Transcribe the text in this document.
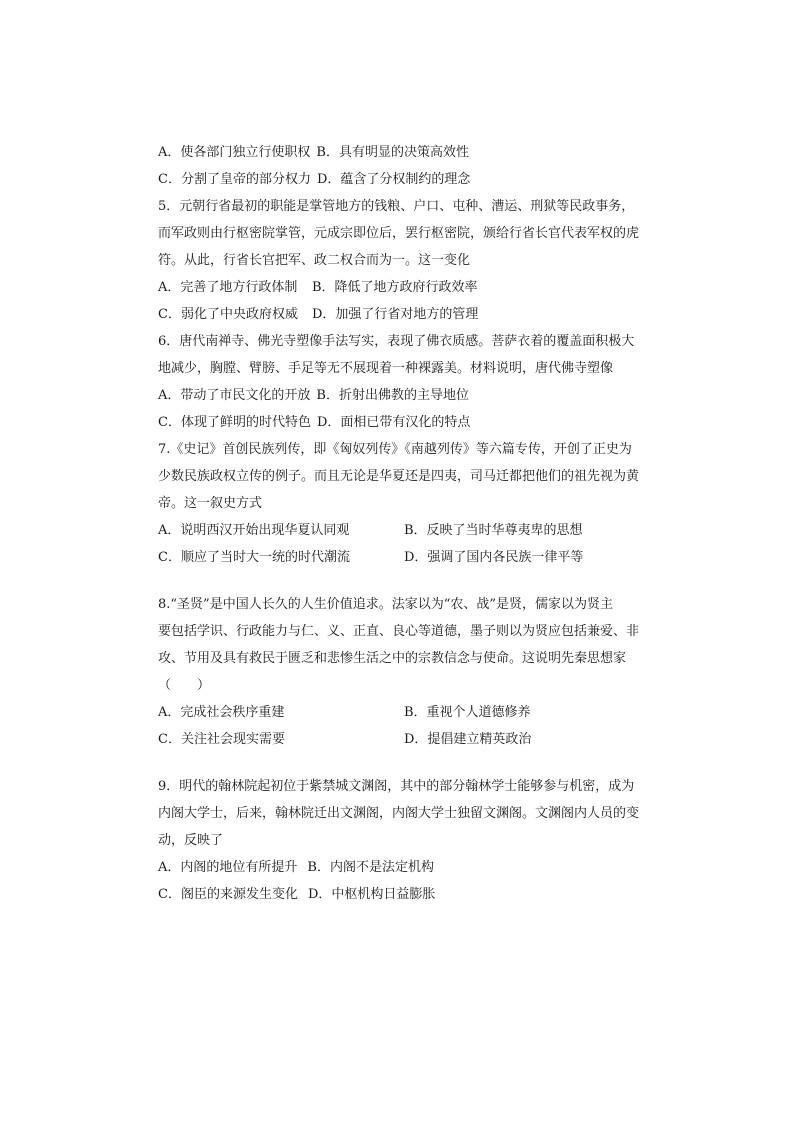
A．使各部门独立行使职权 B．具有明显的决策高效性
C．分割了皇帝的部分权力 D．蕴含了分权制约的理念
5．元朝行省最初的职能是掌管地方的钱粮、户口、屯种、漕运、刑狱等民政事务，
而军政则由行枢密院掌管，元成宗即位后，罢行枢密院，颁给行省长官代表军权的虎
符。从此，行省长官把军、政二权合而为一。这一变化
A．完善了地方行政体制	B．降低了地方政府行政效率
C．弱化了中央政府权威	D．加强了行省对地方的管理
6．唐代南禅寺、佛光寺塑像手法写实，表现了佛衣质感。菩萨衣着的覆盖面积极大
地减少，胸膛、臂膀、手足等无不展现着一种裸露美。材料说明，唐代佛寺塑像
A．带动了市民文化的开放 B．折射出佛教的主导地位
C．体现了鲜明的时代特色 D．面相已带有汉化的特点
7.《史记》首创民族列传，即《匈奴列传》《南越列传》等六篇专传，开创了正史为
少数民族政权立传的例子。而且无论是华夏还是四夷，司马迁都把他们的祖先视为黄
帝。这一叙史方式
A．说明西汉开始出现华夏认同观	B．反映了当时华尊夷卑的思想
C．顺应了当时大一统的时代潮流	D．强调了国内各民族一律平等
8.“圣贤”是中国人长久的人生价值追求。法家以为“农、战”是贤，儒家以为贤主
要包括学识、行政能力与仁、义、正直、良心等道德，墨子则以为贤应包括兼爱、非
攻、节用及具有救民于匮乏和悲惨生活之中的宗教信念与使命。这说明先秦思想家
（　　）
A．完成社会秩序重建	B．重视个人道德修养
C．关注社会现实需要	D．提倡建立精英政治
9．明代的翰林院起初位于紫禁城文渊阁，其中的部分翰林学士能够参与机密，成为
内阁大学士，后来，翰林院迁出文渊阁，内阁大学士独留文渊阁。文渊阁内人员的变
动，反映了
A．内阁的地位有所提升 B．内阁不是法定机构
C．阁臣的来源发生变化 D．中枢机构日益膨胀
